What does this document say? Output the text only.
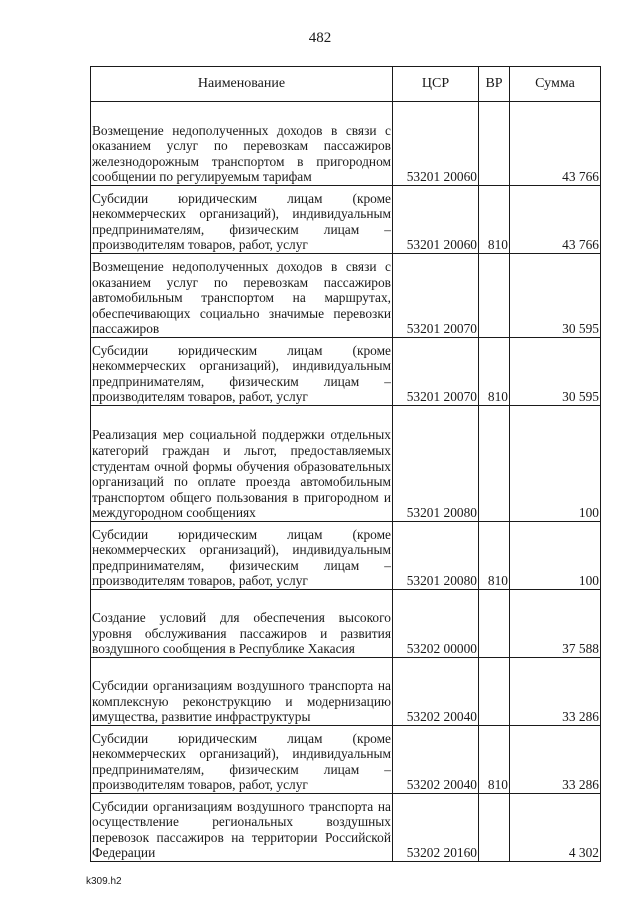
482
Наименование	ЦСР	ВР	Сумма
Возмещение недополученных доходов в связи с оказанием услуг по перевозкам пассажиров железнодорожным транспортом в пригородном сообщении по регулируемым тарифам	53201 20060		43 766
Субсидии юридическим лицам (кроме некоммерческих организаций), индивидуальным предпринимателям, физическим лицам – производителям товаров, работ, услуг	53201 20060	810	43 766
Возмещение недополученных доходов в связи с оказанием услуг по перевозкам пассажиров автомобильным транспортом на маршрутах, обеспечивающих социально значимые перевозки пассажиров	53201 20070		30 595
Субсидии юридическим лицам (кроме некоммерческих организаций), индивидуальным предпринимателям, физическим лицам – производителям товаров, работ, услуг	53201 20070	810	30 595
Реализация мер социальной поддержки отдельных категорий граждан и льгот, предоставляемых студентам очной формы обучения образовательных организаций по оплате проезда автомобильным транспортом общего пользования в пригородном и междугородном сообщениях	53201 20080		100
Субсидии юридическим лицам (кроме некоммерческих организаций), индивидуальным предпринимателям, физическим лицам – производителям товаров, работ, услуг	53201 20080	810	100
Создание условий для обеспечения высокого уровня обслуживания пассажиров и развития воздушного сообщения в Республике Хакасия	53202 00000		37 588
Субсидии организациям воздушного транспорта на комплексную реконструкцию и модернизацию имущества, развитие инфраструктуры	53202 20040		33 286
Субсидии юридическим лицам (кроме некоммерческих организаций), индивидуальным предпринимателям, физическим лицам – производителям товаров, работ, услуг	53202 20040	810	33 286
Субсидии организациям воздушного транспорта на осуществление региональных воздушных перевозок пассажиров на территории Российской Федерации	53202 20160		4 302
k309.h2
